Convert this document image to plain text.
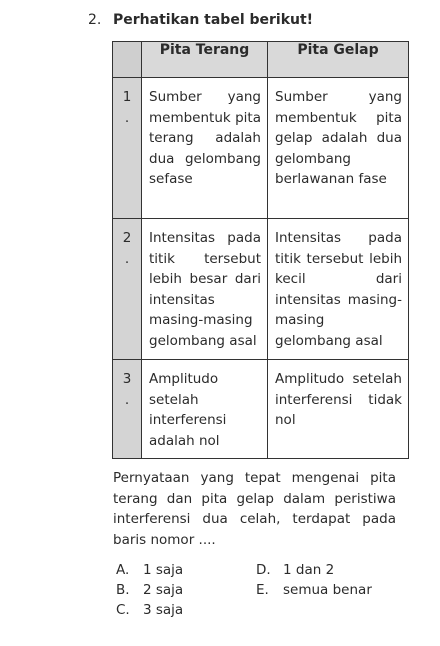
2. Perhatikan tabel berikut!
	Pita Terang	Pita Gelap

1
.	Sumber yang membentuk pita terang adalah dua gelombang sefase	Sumber yang membentuk pita gelap adalah dua gelombang berlawanan fase

2
.	Intensitas pada titik tersebut lebih besar dari intensitas masing-masing gelombang asal	Intensitas pada titik tersebut lebih kecil dari intensitas masing-masing gelombang asal

3
.	Amplitudo setelah interferensi adalah nol	Amplitudo setelah interferensi tidak nol
Pernyataan yang tepat mengenai pita terang dan pita gelap dalam peristiwa interferensi dua celah, terdapat pada baris nomor ....
A. 1 saja
B. 2 saja
C. 3 saja
D. 1 dan 2
E. semua benar
